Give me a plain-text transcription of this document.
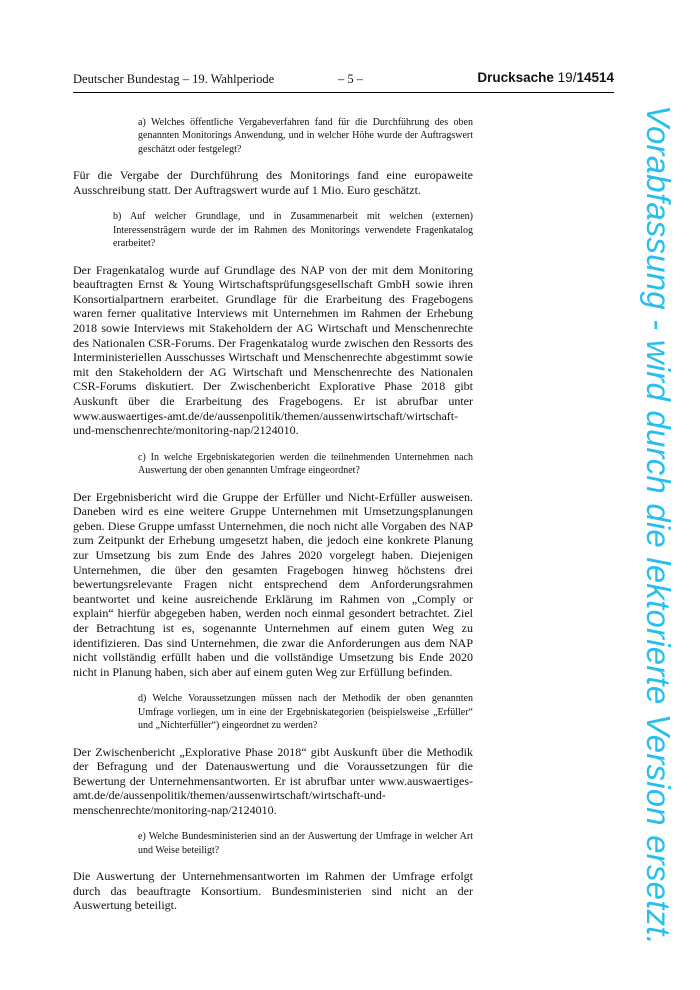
Deutscher Bundestag – 19. Wahlperiode	– 5 –	Drucksache 19/14514
a) Welches öffentliche Vergabeverfahren fand für die Durchführung des oben genannten Monitorings Anwendung, und in welcher Höhe wurde der Auftragswert geschätzt oder festgelegt?

Für die Vergabe der Durchführung des Monitorings fand eine europaweite Ausschreibung statt. Der Auftragswert wurde auf 1 Mio. Euro geschätzt.

b) Auf welcher Grundlage, und in Zusammenarbeit mit welchen (externen) Interessensträgern wurde der im Rahmen des Monitorings verwendete Fragenkatalog erarbeitet?

Der Fragenkatalog wurde auf Grundlage des NAP von der mit dem Monitoring beauftragten Ernst & Young Wirtschaftsprüfungsgesellschaft GmbH sowie ihren Konsortialpartnern erarbeitet. Grundlage für die Erarbeitung des Fragebogens waren ferner qualitative Interviews mit Unternehmen im Rahmen der Erhebung 2018 sowie Interviews mit Stakeholdern der AG Wirtschaft und Menschenrechte des Nationalen CSR-Forums. Der Fragenkatalog wurde zwischen den Ressorts des Interministeriellen Ausschusses Wirtschaft und Menschenrechte abgestimmt sowie mit den Stakeholdern der AG Wirtschaft und Menschenrechte des Nationalen CSR-Forums diskutiert. Der Zwischenbericht Explorative Phase 2018 gibt Auskunft über die Erarbeitung des Fragebogens. Er ist abrufbar unter www.auswaertiges-amt.de/de/aussenpolitik/themen/aussenwirtschaft/wirtschaft-und-menschenrechte/monitoring-nap/2124010.

c) In welche Ergebniskategorien werden die teilnehmenden Unternehmen nach Auswertung der oben genannten Umfrage eingeordnet?

Der Ergebnisbericht wird die Gruppe der Erfüller und Nicht-Erfüller ausweisen. Daneben wird es eine weitere Gruppe Unternehmen mit Umsetzungsplanungen geben. Diese Gruppe umfasst Unternehmen, die noch nicht alle Vorgaben des NAP zum Zeitpunkt der Erhebung umgesetzt haben, die jedoch eine konkrete Planung zur Umsetzung bis zum Ende des Jahres 2020 vorgelegt haben. Diejenigen Unternehmen, die über den gesamten Fragebogen hinweg höchstens drei bewertungsrelevante Fragen nicht entsprechend dem Anforderungsrahmen beantwortet und keine ausreichende Erklärung im Rahmen von „Comply or explain“ hierfür abgegeben haben, werden noch einmal gesondert betrachtet. Ziel der Betrachtung ist es, sogenannte Unternehmen auf einem guten Weg zu identifizieren. Das sind Unternehmen, die zwar die Anforderungen aus dem NAP nicht vollständig erfüllt haben und die vollständige Umsetzung bis Ende 2020 nicht in Planung haben, sich aber auf einem guten Weg zur Erfüllung befinden.

d) Welche Voraussetzungen müssen nach der Methodik der oben genannten Umfrage vorliegen, um in eine der Ergebniskategorien (beispielsweise „Erfüller“ und „Nichterfüller“) eingeordnet zu werden?

Der Zwischenbericht „Explorative Phase 2018“ gibt Auskunft über die Methodik der Befragung und der Datenauswertung und die Voraussetzungen für die Bewertung der Unternehmensantworten. Er ist abrufbar unter www.auswaertiges-amt.de/de/aussenpolitik/themen/aussenwirtschaft/wirtschaft-und-menschenrechte/monitoring-nap/2124010.

e) Welche Bundesministerien sind an der Auswertung der Umfrage in welcher Art und Weise beteiligt?

Die Auswertung der Unternehmensantworten im Rahmen der Umfrage erfolgt durch das beauftragte Konsortium. Bundesministerien sind nicht an der Auswertung beteiligt.	Vorabfassung - wird durch die lektorierte Version ersetzt.
